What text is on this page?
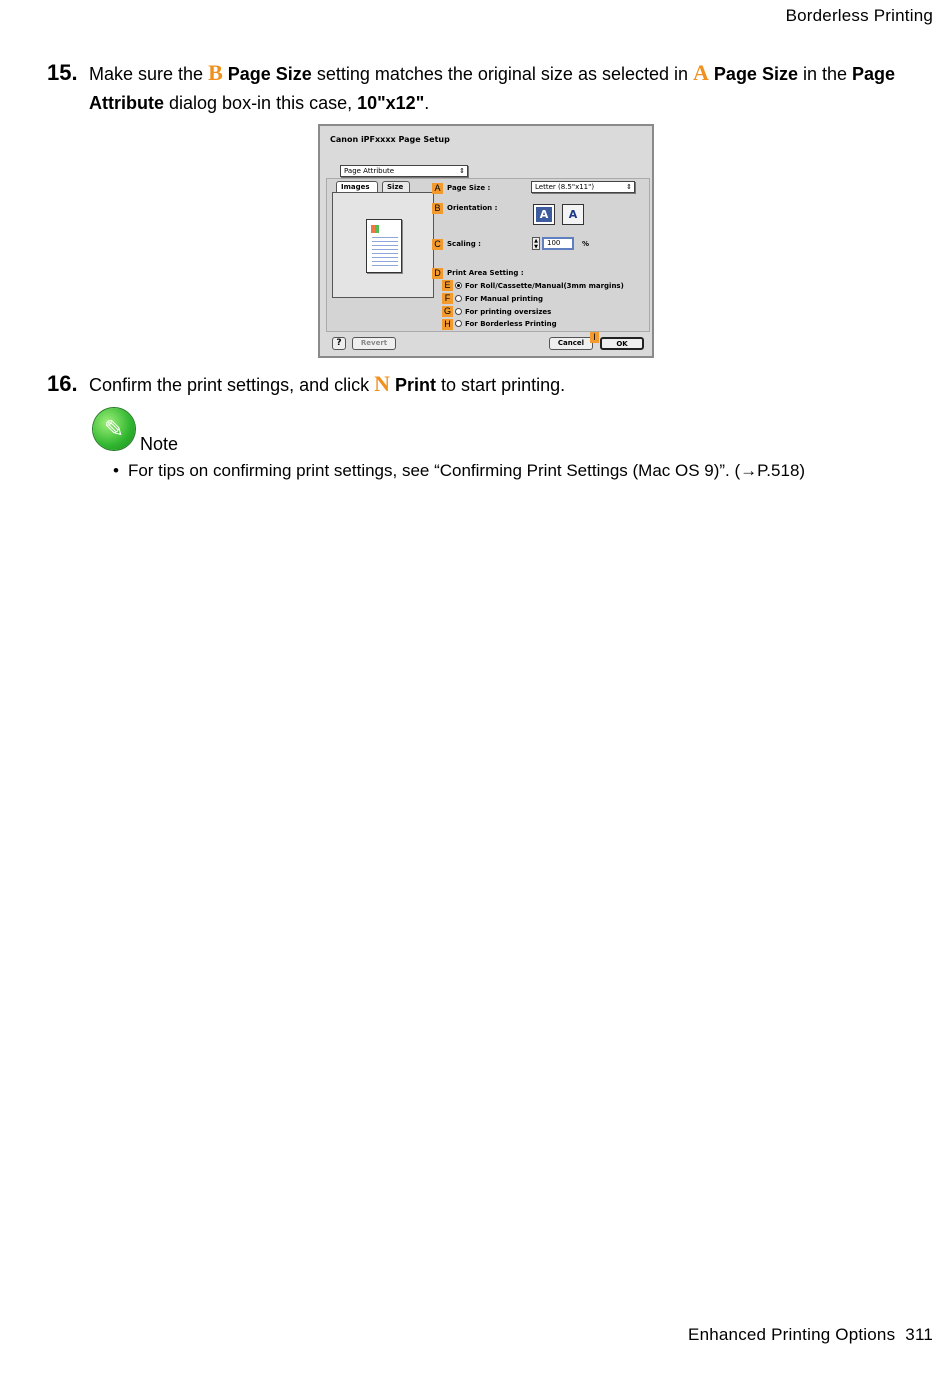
Borderless Printing
15. Make sure the B Page Size setting matches the original size as selected in A Page Size in the Page Attribute dialog box-in this case, 10"x12".
Canon iPFxxxx Page Setup
Page Attribute	⇕
Images	Size	A Page Size :	Letter (8.5"x11")	⇕
B Orientation :	A	A
C Scaling :	▲
▼	100	%
D Print Area Setting :
E	For Roll/Cassette/Manual(3mm margins)
F	For Manual printing
G	For printing oversizes
H	For Borderless Printing
?	Revert	Cancel
I
OK
16. Confirm the print settings, and click N Print to start printing.
✎
Note
• For tips on confirming print settings, see “Confirming Print Settings (Mac OS 9)”. (→P.518)
Enhanced Printing Options 311
